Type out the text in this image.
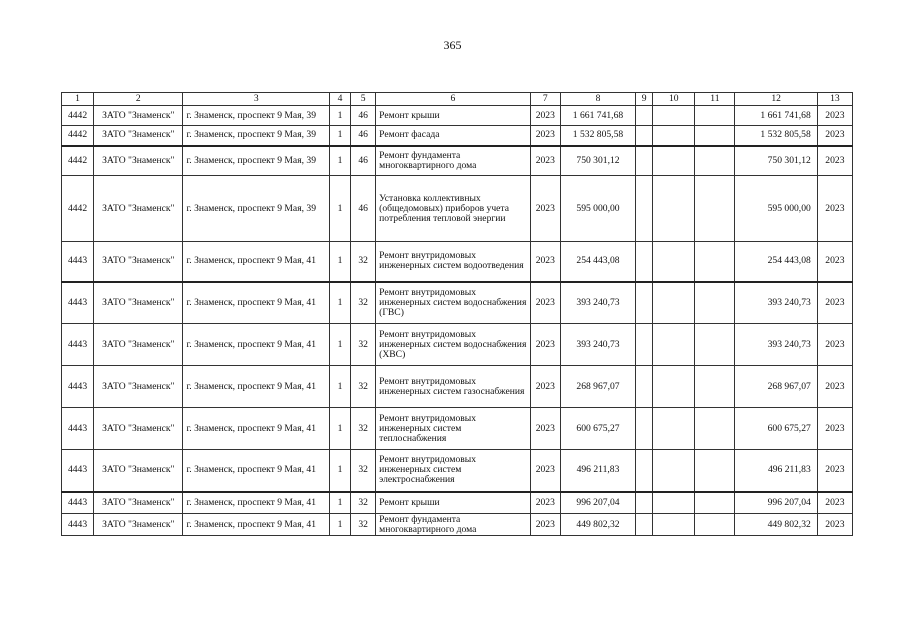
365
1	2	3	4	5	6	7	8	9	10	11	12	13
4442	ЗАТО "Знаменск"	г. Знаменск, проспект 9 Мая, 39	1	46	Ремонт крыши	2023	1 661 741,68				1 661 741,68	2023
4442	ЗАТО "Знаменск"	г. Знаменск, проспект 9 Мая, 39	1	46	Ремонт фасада	2023	1 532 805,58				1 532 805,58	2023
4442	ЗАТО "Знаменск"	г. Знаменск, проспект 9 Мая, 39	1	46	Ремонт фундамента многоквартирного дома	2023	750 301,12				750 301,12	2023
4442	ЗАТО "Знаменск"	г. Знаменск, проспект 9 Мая, 39	1	46	Установка коллективных (общедомовых) приборов учета потребления тепловой энергии	2023	595 000,00				595 000,00	2023
4443	ЗАТО "Знаменск"	г. Знаменск, проспект 9 Мая, 41	1	32	Ремонт внутридомовых инженерных систем водоотведения	2023	254 443,08				254 443,08	2023
4443	ЗАТО "Знаменск"	г. Знаменск, проспект 9 Мая, 41	1	32	Ремонт внутридомовых инженерных систем водоснабжения (ГВС)	2023	393 240,73				393 240,73	2023
4443	ЗАТО "Знаменск"	г. Знаменск, проспект 9 Мая, 41	1	32	Ремонт внутридомовых инженерных систем водоснабжения (ХВС)	2023	393 240,73				393 240,73	2023
4443	ЗАТО "Знаменск"	г. Знаменск, проспект 9 Мая, 41	1	32	Ремонт внутридомовых инженерных систем газоснабжения	2023	268 967,07				268 967,07	2023
4443	ЗАТО "Знаменск"	г. Знаменск, проспект 9 Мая, 41	1	32	Ремонт внутридомовых инженерных систем теплоснабжения	2023	600 675,27				600 675,27	2023
4443	ЗАТО "Знаменск"	г. Знаменск, проспект 9 Мая, 41	1	32	Ремонт внутридомовых инженерных систем электроснабжения	2023	496 211,83				496 211,83	2023
4443	ЗАТО "Знаменск"	г. Знаменск, проспект 9 Мая, 41	1	32	Ремонт крыши	2023	996 207,04				996 207,04	2023
4443	ЗАТО "Знаменск"	г. Знаменск, проспект 9 Мая, 41	1	32	Ремонт фундамента многоквартирного дома	2023	449 802,32				449 802,32	2023
